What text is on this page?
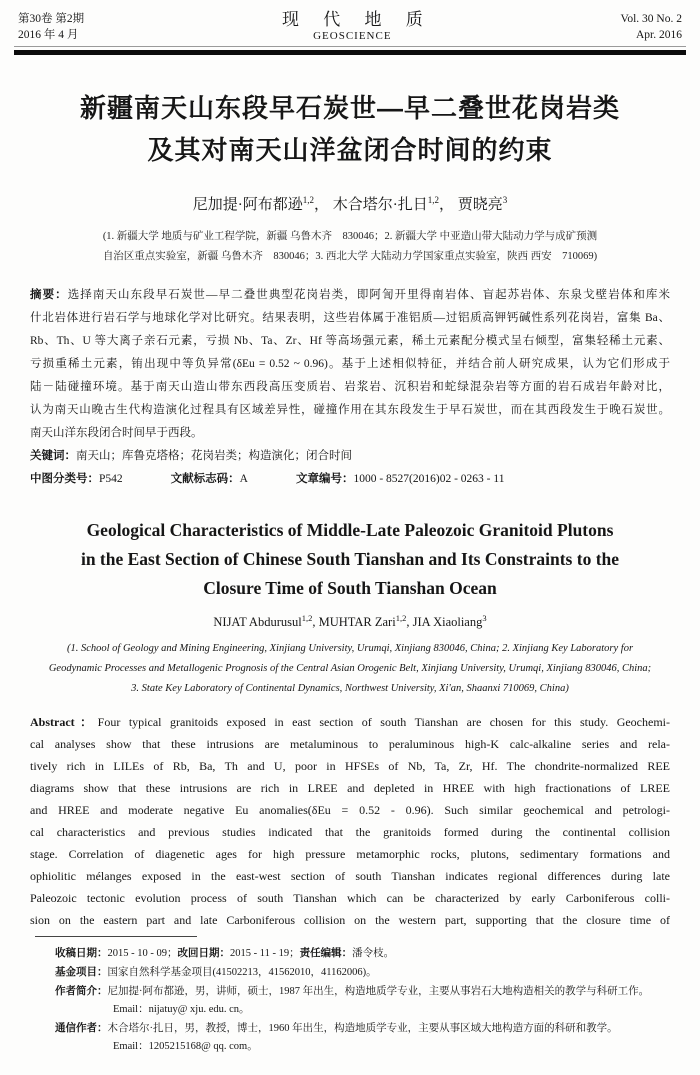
第30卷 第2期
2016 年 4 月
现 代 地 质
GEOSCIENCE
Vol. 30 No. 2
Apr. 2016
新疆南天山东段早石炭世—早二叠世花岗岩类
及其对南天山洋盆闭合时间的约束
尼加提·阿布都逊$^{1,2}$， 木合塔尔·扎日$^{1,2}$， 贾晓亮$^3$
(1. 新疆大学 地质与矿业工程学院，新疆 乌鲁木齐　830046；2. 新疆大学 中亚造山带大陆动力学与成矿预测
自治区重点实验室，新疆 乌鲁木齐　830046；3. 西北大学 大陆动力学国家重点实验室，陕西 西安　710069)
摘要：选择南天山东段早石炭世—早二叠世典型花岗岩类，即阿訇开里得南岩体、盲起苏岩体、东泉戈壁岩体和库米
什北岩体进行岩石学与地球化学对比研究。结果表明，这些岩体属于准铝质—过铝质高钾钙碱性系列花岗岩，富集 Ba、
Rb、Th、U 等大离子亲石元素，亏损 Nb、Ta、Zr、Hf 等高场强元素，稀土元素配分模式呈右倾型，富集轻稀土元素、
亏损重稀土元素，铕出现中等负异常(δEu = 0.52 ~ 0.96)。基于上述相似特征，并结合前人研究成果，认为它们形成于
陆－陆碰撞环境。基于南天山造山带东西段高压变质岩、岩浆岩、沉积岩和蛇绿混杂岩等方面的岩石成岩年龄对比，
认为南天山晚古生代构造演化过程具有区域差异性，碰撞作用在其东段发生于早石炭世，而在其西段发生于晚石炭世。
南天山洋东段闭合时间早于西段。
关键词：南天山；库鲁克塔格；花岗岩类；构造演化；闭合时间
中图分类号：P542	文献标志码：A	文章编号：1000 - 8527(2016)02 - 0263 - 11
Geological Characteristics of Middle-Late Paleozoic Granitoid Plutons
in the East Section of Chinese South Tianshan and Its Constraints to the
Closure Time of South Tianshan Ocean
NIJAT Abdurusul$^{1,2}$, MUHTAR Zari$^{1,2}$, JIA Xiaoliang$^3$
(1. School of Geology and Mining Engineering, Xinjiang University, Urumqi, Xinjiang 830046, China; 2. Xinjiang Key Laboratory for
Geodynamic Processes and Metallogenic Prognosis of the Central Asian Orogenic Belt, Xinjiang University, Urumqi, Xinjiang 830046, China;
3. State Key Laboratory of Continental Dynamics, Northwest University, Xi'an, Shaanxi 710069, China)
Abstract：Four typical granitoids exposed in east section of south Tianshan are chosen for this study. Geochemi-
cal analyses show that these intrusions are metaluminous to peraluminous high-K calc-alkaline series and rela-
tively rich in LILEs of Rb, Ba, Th and U, poor in HFSEs of Nb, Ta, Zr, Hf. The chondrite-normalized REE
diagrams show that these intrusions are rich in LREE and depleted in HREE with high fractionations of LREE
and HREE and moderate negative Eu anomalies(δEu = 0.52 - 0.96). Such similar geochemical and petrologi-
cal characteristics and previous studies indicated that the granitoids formed during the continental collision
stage. Correlation of diagenetic ages for high pressure metamorphic rocks, plutons, sedimentary formations and
ophiolitic mélanges exposed in the east-west section of south Tianshan indicates regional differences during late
Paleozoic tectonic evolution process of south Tianshan which can be characterized by early Carboniferous colli-
sion on the eastern part and late Carboniferous collision on the western part, supporting that the closure time of
收稿日期：2015 - 10 - 09；改回日期：2015 - 11 - 19；责任编辑：潘令枝。
基金项目：国家自然科学基金项目(41502213，41562010，41162006)。
作者简介：尼加提·阿布都逊，男，讲师，硕士，1987 年出生，构造地质学专业，主要从事岩石大地构造相关的教学与科研工作。
Email：nijatuy@ xju. edu. cn。
通信作者：木合塔尔·扎日，男，教授，博士，1960 年出生，构造地质学专业，主要从事区域大地构造方面的科研和教学。
Email：1205215168@ qq. com。
